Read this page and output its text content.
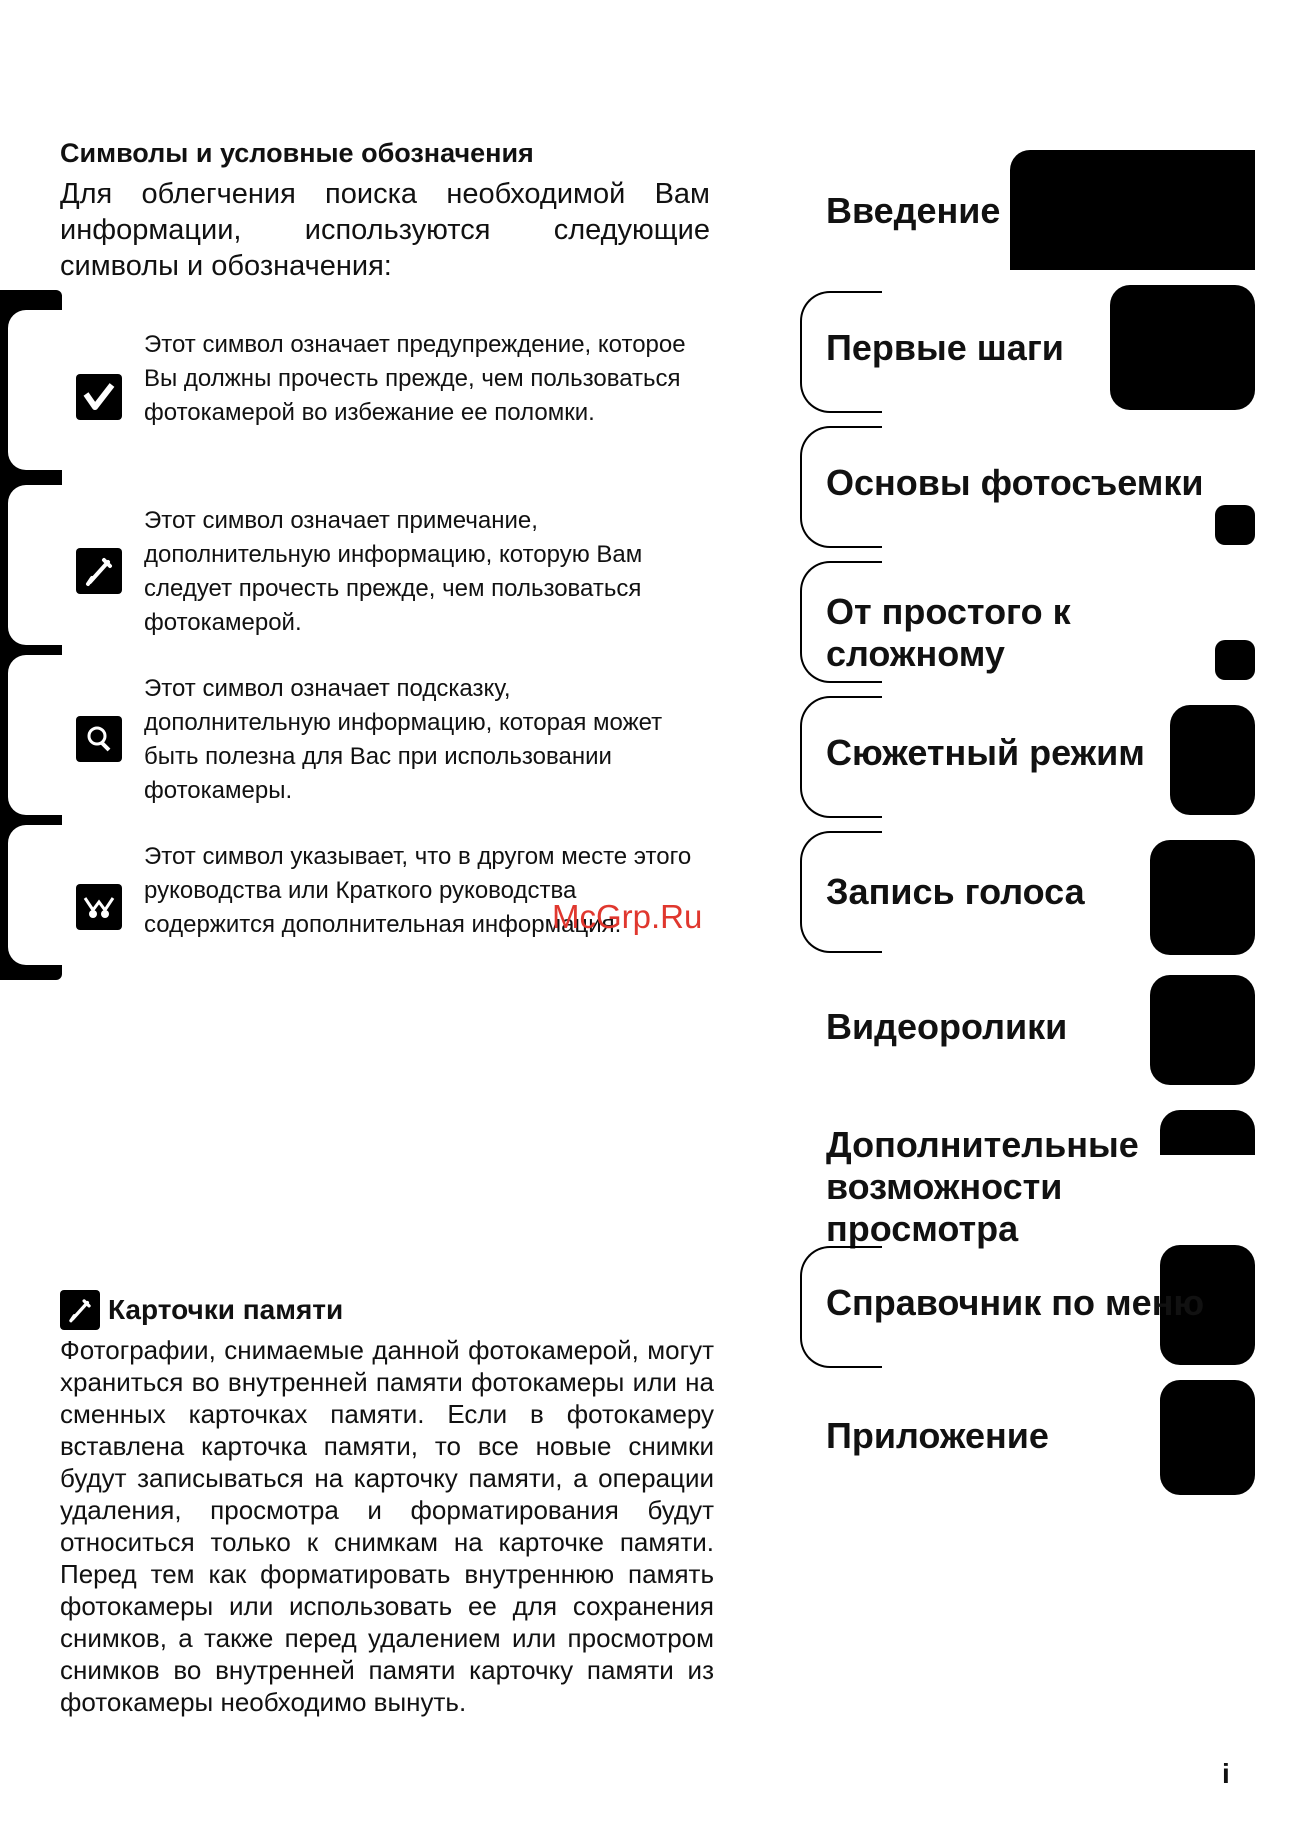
Символы и условные обозначения
Для облегчения поиска необходимой Вам информации, используются следующие символы и обозначения:
Этот символ означает предупреждение, которое Вы должны прочесть прежде, чем пользоваться фотокамерой во избежание ее поломки.
Этот символ означает примечание, дополнительную информацию, которую Вам следует прочесть прежде, чем пользоваться фотокамерой.
Этот символ означает подсказку, дополнительную информацию, которая может быть полезна для Вас при использовании фотокамеры.
Этот символ указывает, что в другом месте этого руководства или Краткого руководства содержится дополнительная информация.
McGrp.Ru
Карточки памяти
Фотографии, снимаемые данной фотокамерой, могут храниться во внутренней памяти фотокамеры или на сменных карточках памяти. Если в фотокамеру вставлена карточка памяти, то все новые снимки будут записываться на карточку памяти, а операции удаления, просмотра и форматирования будут относиться только к снимкам на карточке памяти. Перед тем как форматировать внутреннюю память фотокамеры или использовать ее для сохранения снимков, а также перед удалением или просмотром снимков во внутренней памяти карточку памяти из фотокамеры необходимо вынуть.
Введение
Первые шаги
Основы фотосъемки
От простого к сложному
Сюжетный режим
Запись голоса
Видеоролики
Дополнительные возможности просмотра
Справочник по меню
Приложение
i
